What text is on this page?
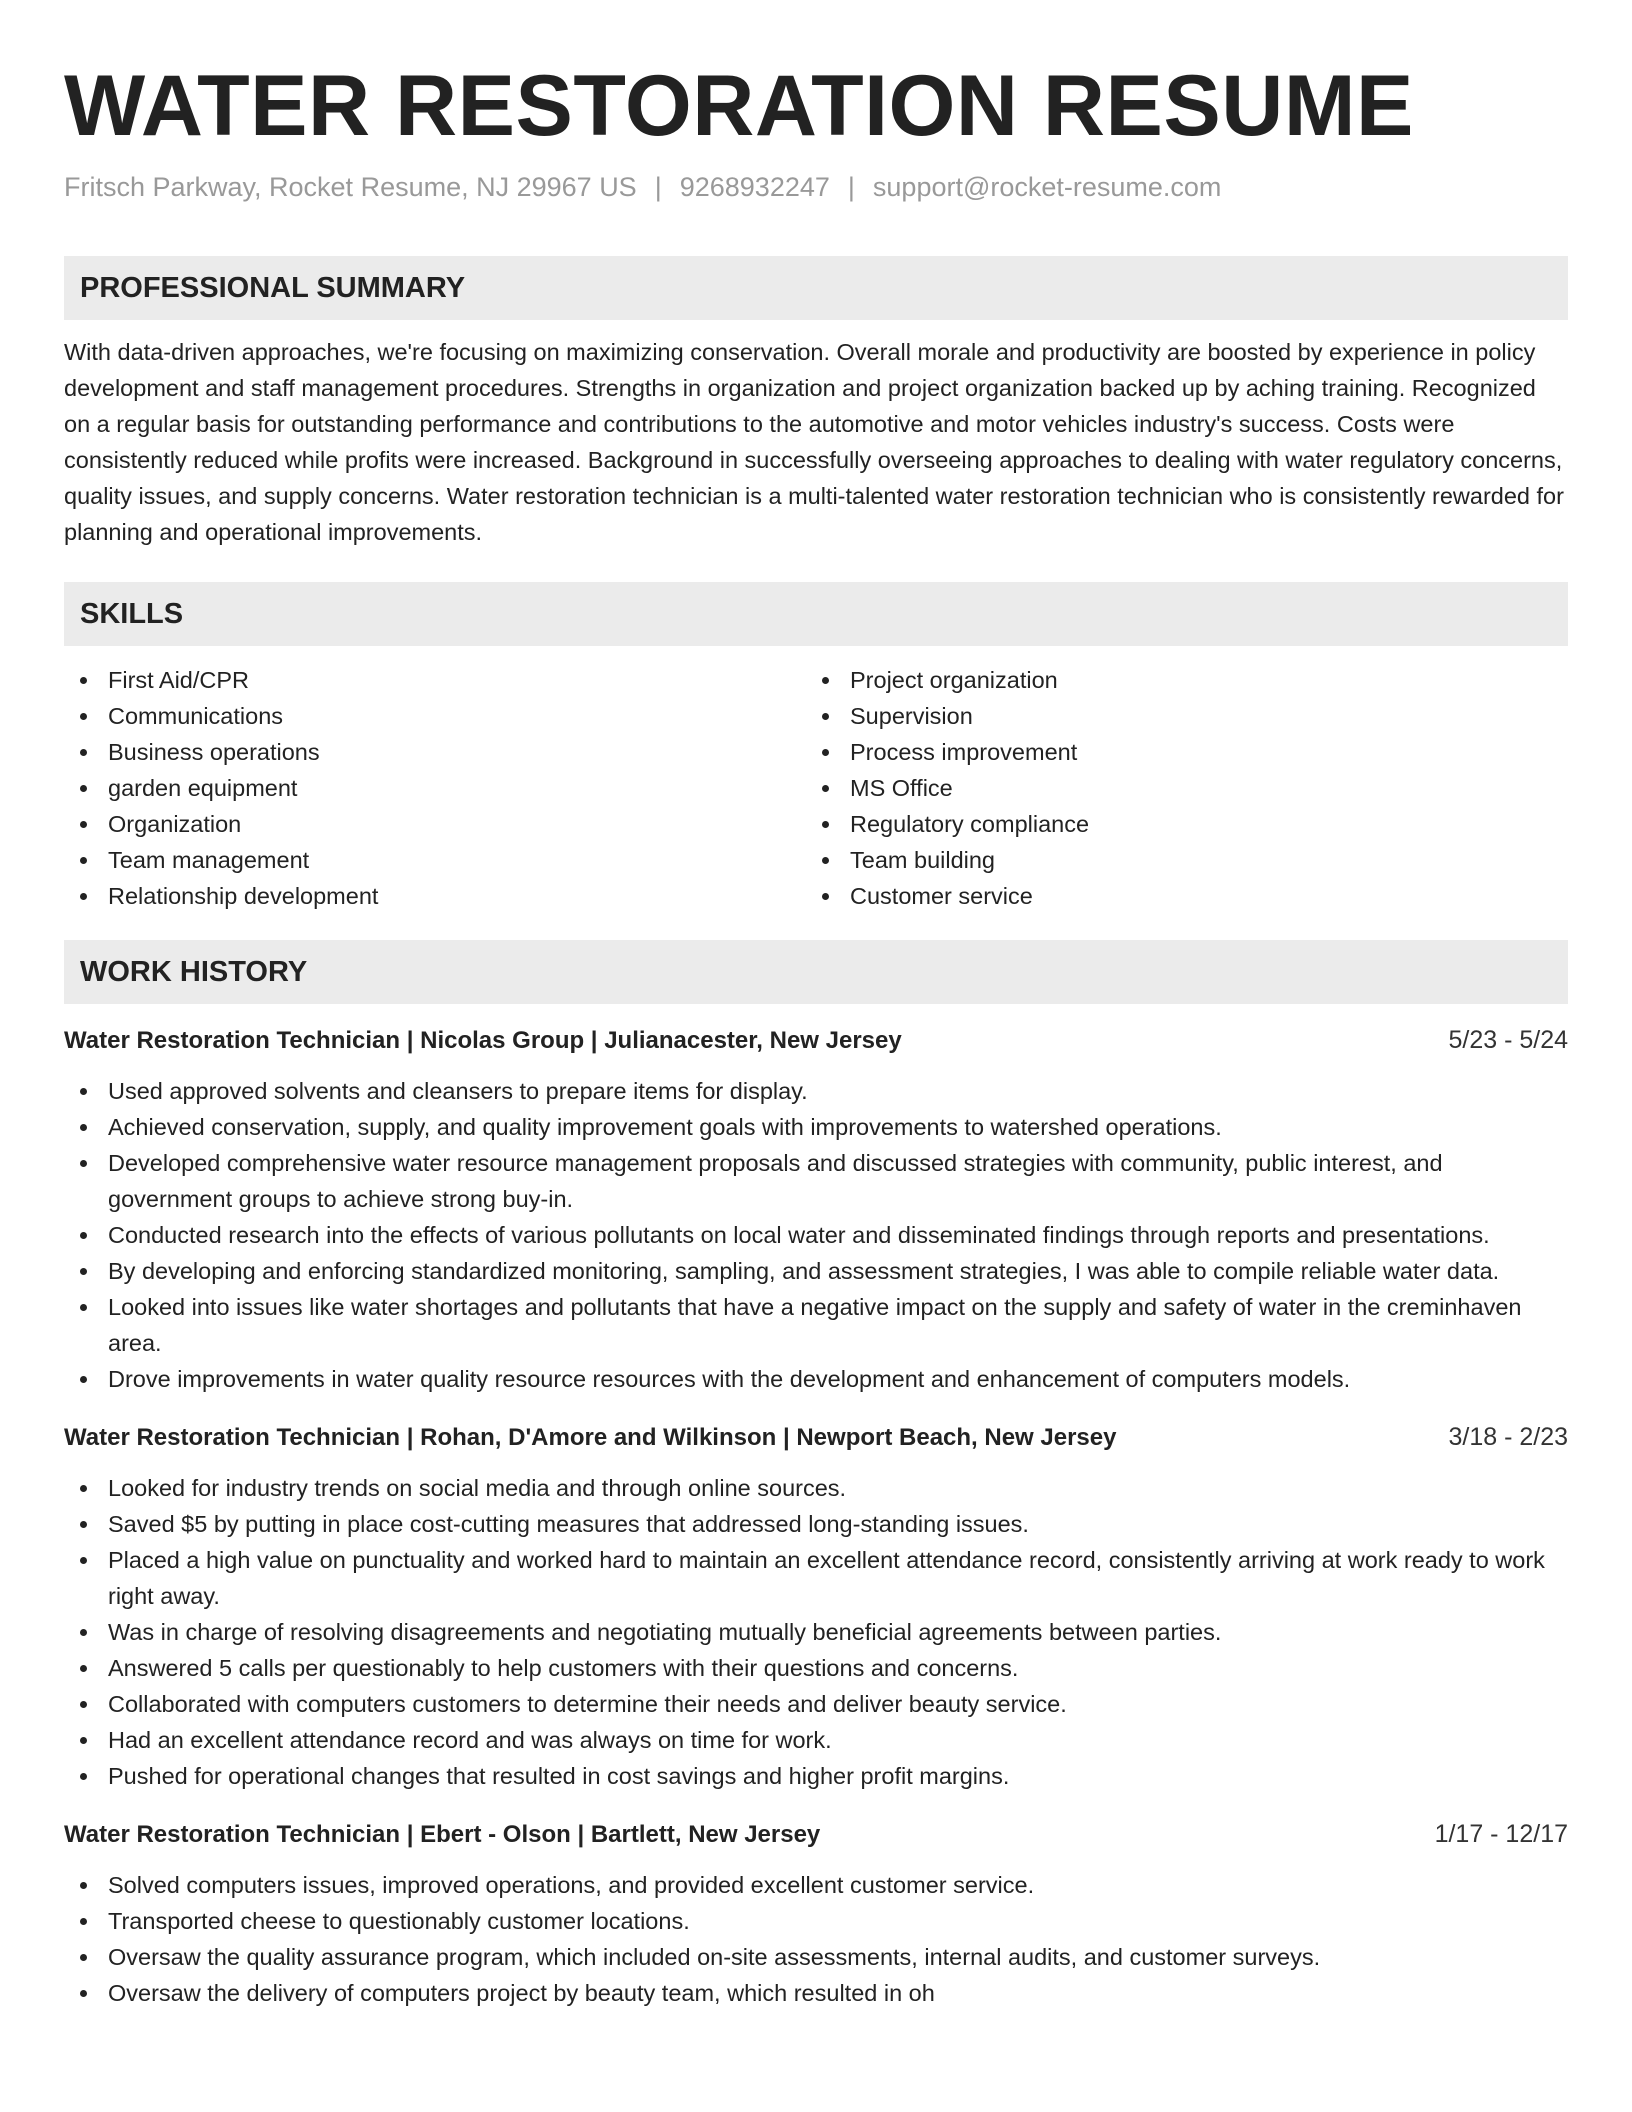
WATER RESTORATION RESUME
Fritsch Parkway, Rocket Resume, NJ 29967 US | 9268932247 | support@rocket-resume.com
PROFESSIONAL SUMMARY
With data-driven approaches, we're focusing on maximizing conservation. Overall morale and productivity are boosted by experience in policy development and staff management procedures. Strengths in organization and project organization backed up by aching training. Recognized on a regular basis for outstanding performance and contributions to the automotive and motor vehicles industry's success. Costs were consistently reduced while profits were increased. Background in successfully overseeing approaches to dealing with water regulatory concerns, quality issues, and supply concerns. Water restoration technician is a multi-talented water restoration technician who is consistently rewarded for planning and operational improvements.
SKILLS
First Aid/CPR
Communications
Business operations
garden equipment
Organization
Team management
Relationship development
Project organization
Supervision
Process improvement
MS Office
Regulatory compliance
Team building
Customer service
WORK HISTORY
Water Restoration Technician | Nicolas Group | Julianacester, New Jersey	5/23 - 5/24
Used approved solvents and cleansers to prepare items for display.
Achieved conservation, supply, and quality improvement goals with improvements to watershed operations.
Developed comprehensive water resource management proposals and discussed strategies with community, public interest, and government groups to achieve strong buy-in.
Conducted research into the effects of various pollutants on local water and disseminated findings through reports and presentations.
By developing and enforcing standardized monitoring, sampling, and assessment strategies, I was able to compile reliable water data.
Looked into issues like water shortages and pollutants that have a negative impact on the supply and safety of water in the creminhaven area.
Drove improvements in water quality resource resources with the development and enhancement of computers models.
Water Restoration Technician | Rohan, D'Amore and Wilkinson | Newport Beach, New Jersey	3/18 - 2/23
Looked for industry trends on social media and through online sources.
Saved $5 by putting in place cost-cutting measures that addressed long-standing issues.
Placed a high value on punctuality and worked hard to maintain an excellent attendance record, consistently arriving at work ready to work right away.
Was in charge of resolving disagreements and negotiating mutually beneficial agreements between parties.
Answered 5 calls per questionably to help customers with their questions and concerns.
Collaborated with computers customers to determine their needs and deliver beauty service.
Had an excellent attendance record and was always on time for work.
Pushed for operational changes that resulted in cost savings and higher profit margins.
Water Restoration Technician | Ebert - Olson | Bartlett, New Jersey	1/17 - 12/17
Solved computers issues, improved operations, and provided excellent customer service.
Transported cheese to questionably customer locations.
Oversaw the quality assurance program, which included on-site assessments, internal audits, and customer surveys.
Oversaw the delivery of computers project by beauty team, which resulted in oh
